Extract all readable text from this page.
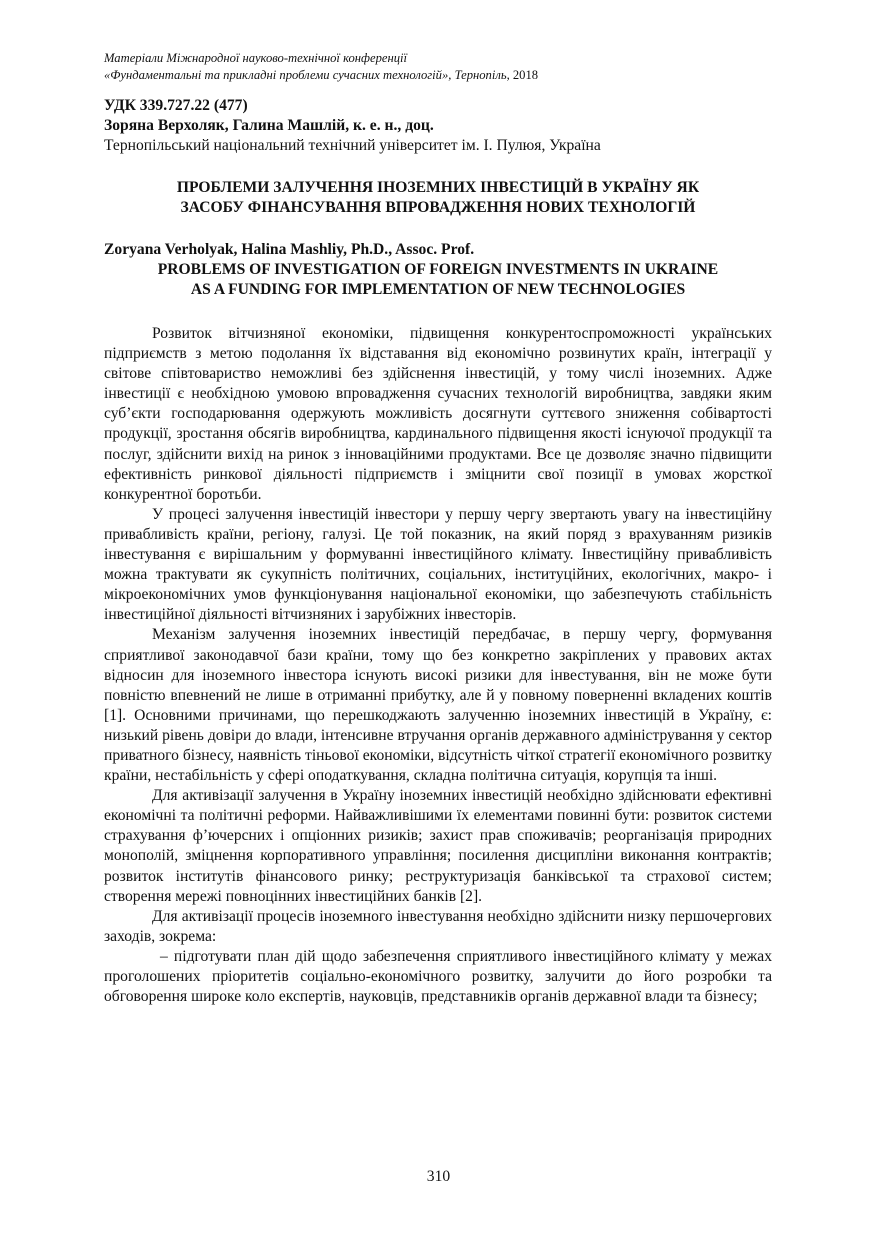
Матеріали Міжнародної науково-технічної конференції

«Фундаментальні та прикладні проблеми сучасних технологій», Тернопіль, 2018

УДК 339.727.22 (477)

Зоряна Верхоляк, Галина Машлій, к. е. н., доц.

Тернопільський національний технічний університет ім. І. Пулюя, Україна

ПРОБЛЕМИ ЗАЛУЧЕННЯ ІНОЗЕМНИХ ІНВЕСТИЦІЙ В УКРАЇНУ ЯК
ЗАСОБУ ФІНАНСУВАННЯ ВПРОВАДЖЕННЯ НОВИХ ТЕХНОЛОГІЙ

Zoryana Verholyak, Halina Mashliy, Ph.D., Assoc. Prof.

PROBLEMS OF INVESTIGATION OF FOREIGN INVESTMENTS IN UKRAINE
AS A FUNDING FOR IMPLEMENTATION OF NEW TECHNOLOGIES

Розвиток вітчизняної економіки, підвищення конкурентоспроможності українських підприємств з метою подолання їх відставання від економічно розвинутих країн, інтеграції у світове співтовариство неможливі без здійснення інвестицій, у тому числі іноземних. Адже інвестиції є необхідною умовою впровадження сучасних технологій виробництва, завдяки яким суб’єкти господарювання одержують можливість досягнути суттєвого зниження собівартості продукції, зростання обсягів виробництва, кардинального підвищення якості існуючої продукції та послуг, здійснити вихід на ринок з інноваційними продуктами. Все це дозволяє значно підвищити ефективність ринкової діяльності підприємств і зміцнити свої позиції в умовах жорсткої конкурентної боротьби.

У процесі залучення інвестицій інвестори у першу чергу звертають увагу на інвестиційну привабливість країни, регіону, галузі. Це той показник, на який поряд з врахуванням ризиків інвестування є вирішальним у формуванні інвестиційного клімату. Інвестиційну привабливість можна трактувати як сукупність політичних, соціальних, інституційних, екологічних, макро- і мікроекономічних умов функціонування національної економіки, що забезпечують стабільність інвестиційної діяльності вітчизняних і зарубіжних інвесторів.

Механізм залучення іноземних інвестицій передбачає, в першу чергу, формування сприятливої законодавчої бази країни, тому що без конкретно закріплених у правових актах відносин для іноземного інвестора існують високі ризики для інвестування, він не може бути повністю впевнений не лише в отриманні прибутку, але й у повному поверненні вкладених коштів [1]. Основними причинами, що перешкоджають залученню іноземних інвестицій в Україну, є: низький рівень довіри до влади, інтенсивне втручання органів державного адміністрування у сектор приватного бізнесу, наявність тіньової економіки, відсутність чіткої стратегії економічного розвитку країни, нестабільність у сфері оподаткування, складна політична ситуація, корупція та інші.

Для активізації залучення в Україну іноземних інвестицій необхідно здійснювати ефективні економічні та політичні реформи. Найважливішими їх елементами повинні бути: розвиток системи страхування ф’ючерсних і опціонних ризиків; захист прав споживачів; реорганізація природних монополій, зміцнення корпоративного управління; посилення дисципліни виконання контрактів; розвиток інститутів фінансового ринку; реструктуризація банківської та страхової систем; створення мережі повноцінних інвестиційних банків [2].

Для активізації процесів іноземного інвестування необхідно здійснити низку першочергових заходів, зокрема:

– підготувати план дій щодо забезпечення сприятливого інвестиційного клімату у межах проголошених пріоритетів соціально-економічного розвитку, залучити до його розробки та обговорення широке коло експертів, науковців, представників органів державної влади та бізнесу;

310
